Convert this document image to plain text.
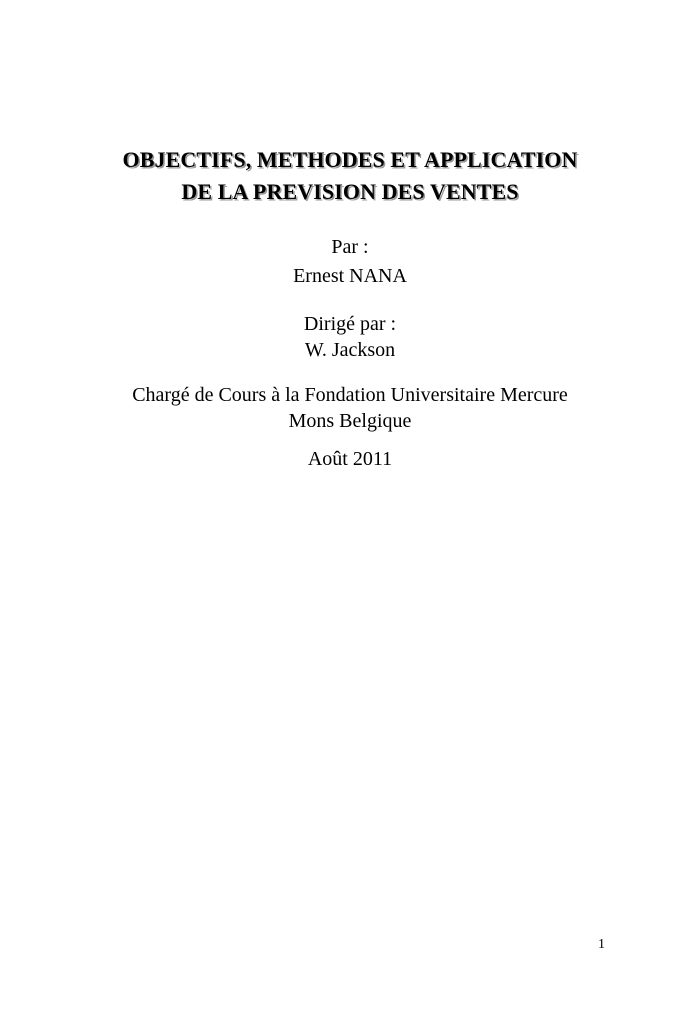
OBJECTIFS, METHODES ET APPLICATION
DE LA PREVISION DES VENTES
Par :
Ernest NANA
Dirigé par :
W. Jackson
Chargé de Cours à la Fondation Universitaire Mercure
Mons Belgique
Août 2011
1
